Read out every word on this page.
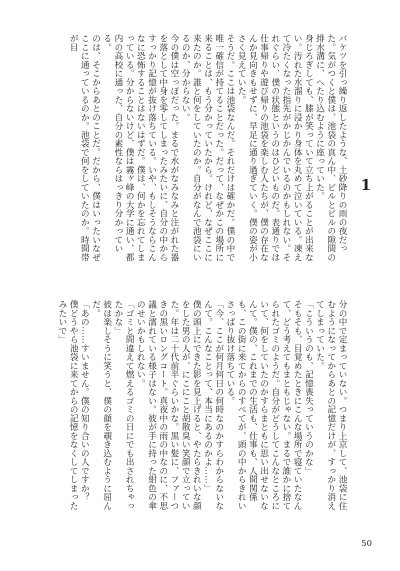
バケツを引っ繰り返したような、土砂降りの雨の夜だった。気がつくと僕は、池袋の真ん中、ビルとビルの隙間の排水溝に、へたり込むように座っていた。

身じろぎしても、膝が笑っていて立ち上がることが出来ない。汚れた水溜りに浸かり身体を丸めて泣いている。凍えて冷たくなった指先がかじかんでいるのかもしれない。それぐらい、僕の状態というのはひどいものだ。表通りでは仕事帰りや遊び帰りの池袋を楽しむ人たちが、僕の存在なんか見向きもせずに、早足に通り過ぎていく。僕の姿が小さく見えていた。

そうだ。ここは池袋なんだ。それだけは確かだ。僕の中で唯一確信が持てることだった。だって、なぜかこの場所に来ることは、もう分かっていたから。けれど、なぜここに来たのか。誰と何をしていたのか。自分がなんで池袋にいるのか、分からない。

今の僕は空っぽだった。まるで水がなみなみと注がれた器を落として中身を零してしまったみたいに、自分の中からすっかり記憶が抜け落ちている。いや、もしそうならこんなに恐怖することはないはずだ。僕は、何かを忘れてしまっている。分からないけど、僕は霧ヶ峰の大学に通い、都内の高校に通った、自分の素性ならはっきり分かっている。

のは、そこからあとのことだ。だから、僕はいったいなぜここに通っているのか。池袋で何をしていたのか。時間帯が目

1

分の中で定まっていない。つまり上京して、池袋に住むようになってからあとの記憶だけが、すっかり消えてしまっていた。

「こういうのも、記憶喪失っていうのかな」

そもそも、目覚めたときにこんな場所で寝ていたなんて、どう考えてもまともじゃない。まるで誰かに捨てられたゴミのようだ。自分がどうしてこんなところにいて、何をしていたのかすらまともに思い出せないなんて。僕の、これまでの生活も、仕事も、人間関係も、この街に来てからのすべてが、頭の中からきれいさっぱり抜け落ちている。

「今、ここが何月何日の何時なのかすらわからないなんて。こんなことって、本当にあるのかよ……」

僕の頭上にできた影を見上げると、やたらきれいな顔をした男の人が、にこにこと胡散臭い笑顔で立っていた。年は二十代前半ぐらいかな。黒い髪に、ファーつきの黒いロングコート。真夜中の雨の中なのに、不思議と濡れている様子はない。彼が手に持った紺色の傘のせいかもしれない。

「ゴミと間違えて燃えるゴミの日にでも出されちゃったかな」

彼は楽しそうに笑うと、僕の顔を覗き込むように屈んだ。

「あの……すいません。僕の知り合いの人ですか？　僕どうやら池袋に来てからの記憶をなくしてしまったみたいで」

50
